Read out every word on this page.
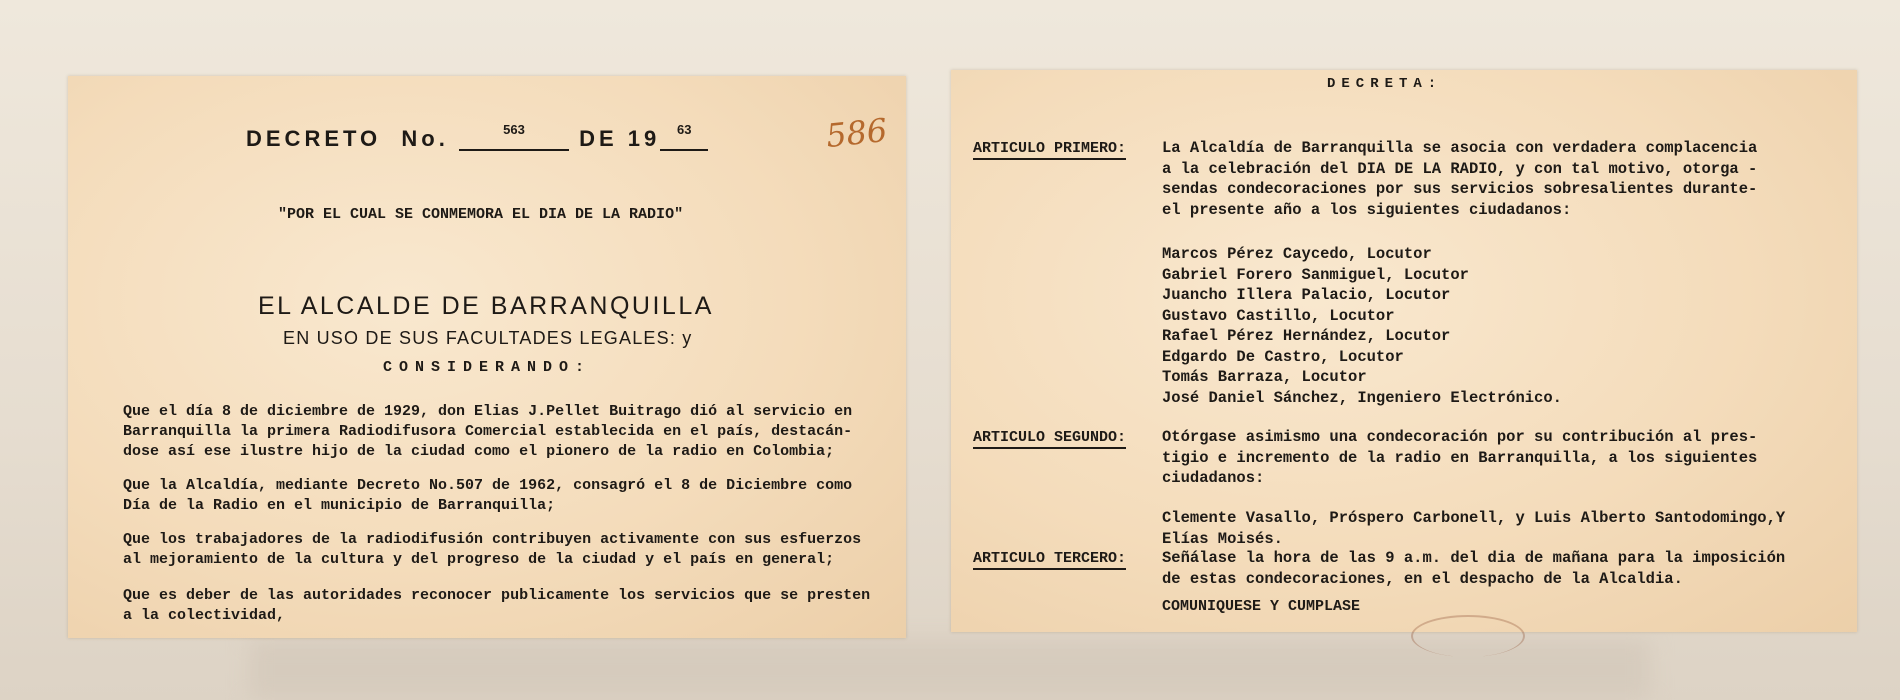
DECRETO No.	563 DE 19 63	586
"POR EL CUAL SE CONMEMORA EL DIA DE LA RADIO"
EL ALCALDE DE BARRANQUILLA
EN USO DE SUS FACULTADES LEGALES: y
CONSIDERANDO:
Que el día 8 de diciembre de 1929, don Elias J.Pellet Buitrago dió al servicio en
Barranquilla la primera Radiodifusora Comercial establecida en el país, destacán-
dose así ese ilustre hijo de la ciudad como el pionero de la radio en Colombia;
Que la Alcaldía, mediante Decreto No.507 de 1962, consagró el 8 de Diciembre como
Día de la Radio en el municipio de Barranquilla;
Que los trabajadores de la radiodifusión contribuyen activamente con sus esfuerzos
al mejoramiento de la cultura y del progreso de la ciudad y el país en general;
Que es deber de las autoridades reconocer publicamente los servicios que se presten
a la colectividad,
DECRETA:
ARTICULO PRIMERO: La Alcaldía de Barranquilla se asocia con verdadera complacencia
a la celebración del DIA DE LA RADIO, y con tal motivo, otorga -
sendas condecoraciones por sus servicios sobresalientes durante-
el presente año a los siguientes ciudadanos:
Marcos Pérez Caycedo, Locutor
Gabriel Forero Sanmiguel, Locutor
Juancho Illera Palacio, Locutor
Gustavo Castillo, Locutor
Rafael Pérez Hernández, Locutor
Edgardo De Castro, Locutor
Tomás Barraza, Locutor
José Daniel Sánchez, Ingeniero Electrónico.
ARTICULO SEGUNDO: Otórgase asimismo una condecoración por su contribución al pres-
tigio e incremento de la radio en Barranquilla, a los siguientes
ciudadanos:
Clemente Vasallo, Próspero Carbonell, y Luis Alberto Santodomingo,Y
Elías Moisés.
ARTICULO TERCERO: Señálase la hora de las 9 a.m. del dia de mañana para la imposición
de estas condecoraciones, en el despacho de la Alcaldia.
COMUNIQUESE Y CUMPLASE
